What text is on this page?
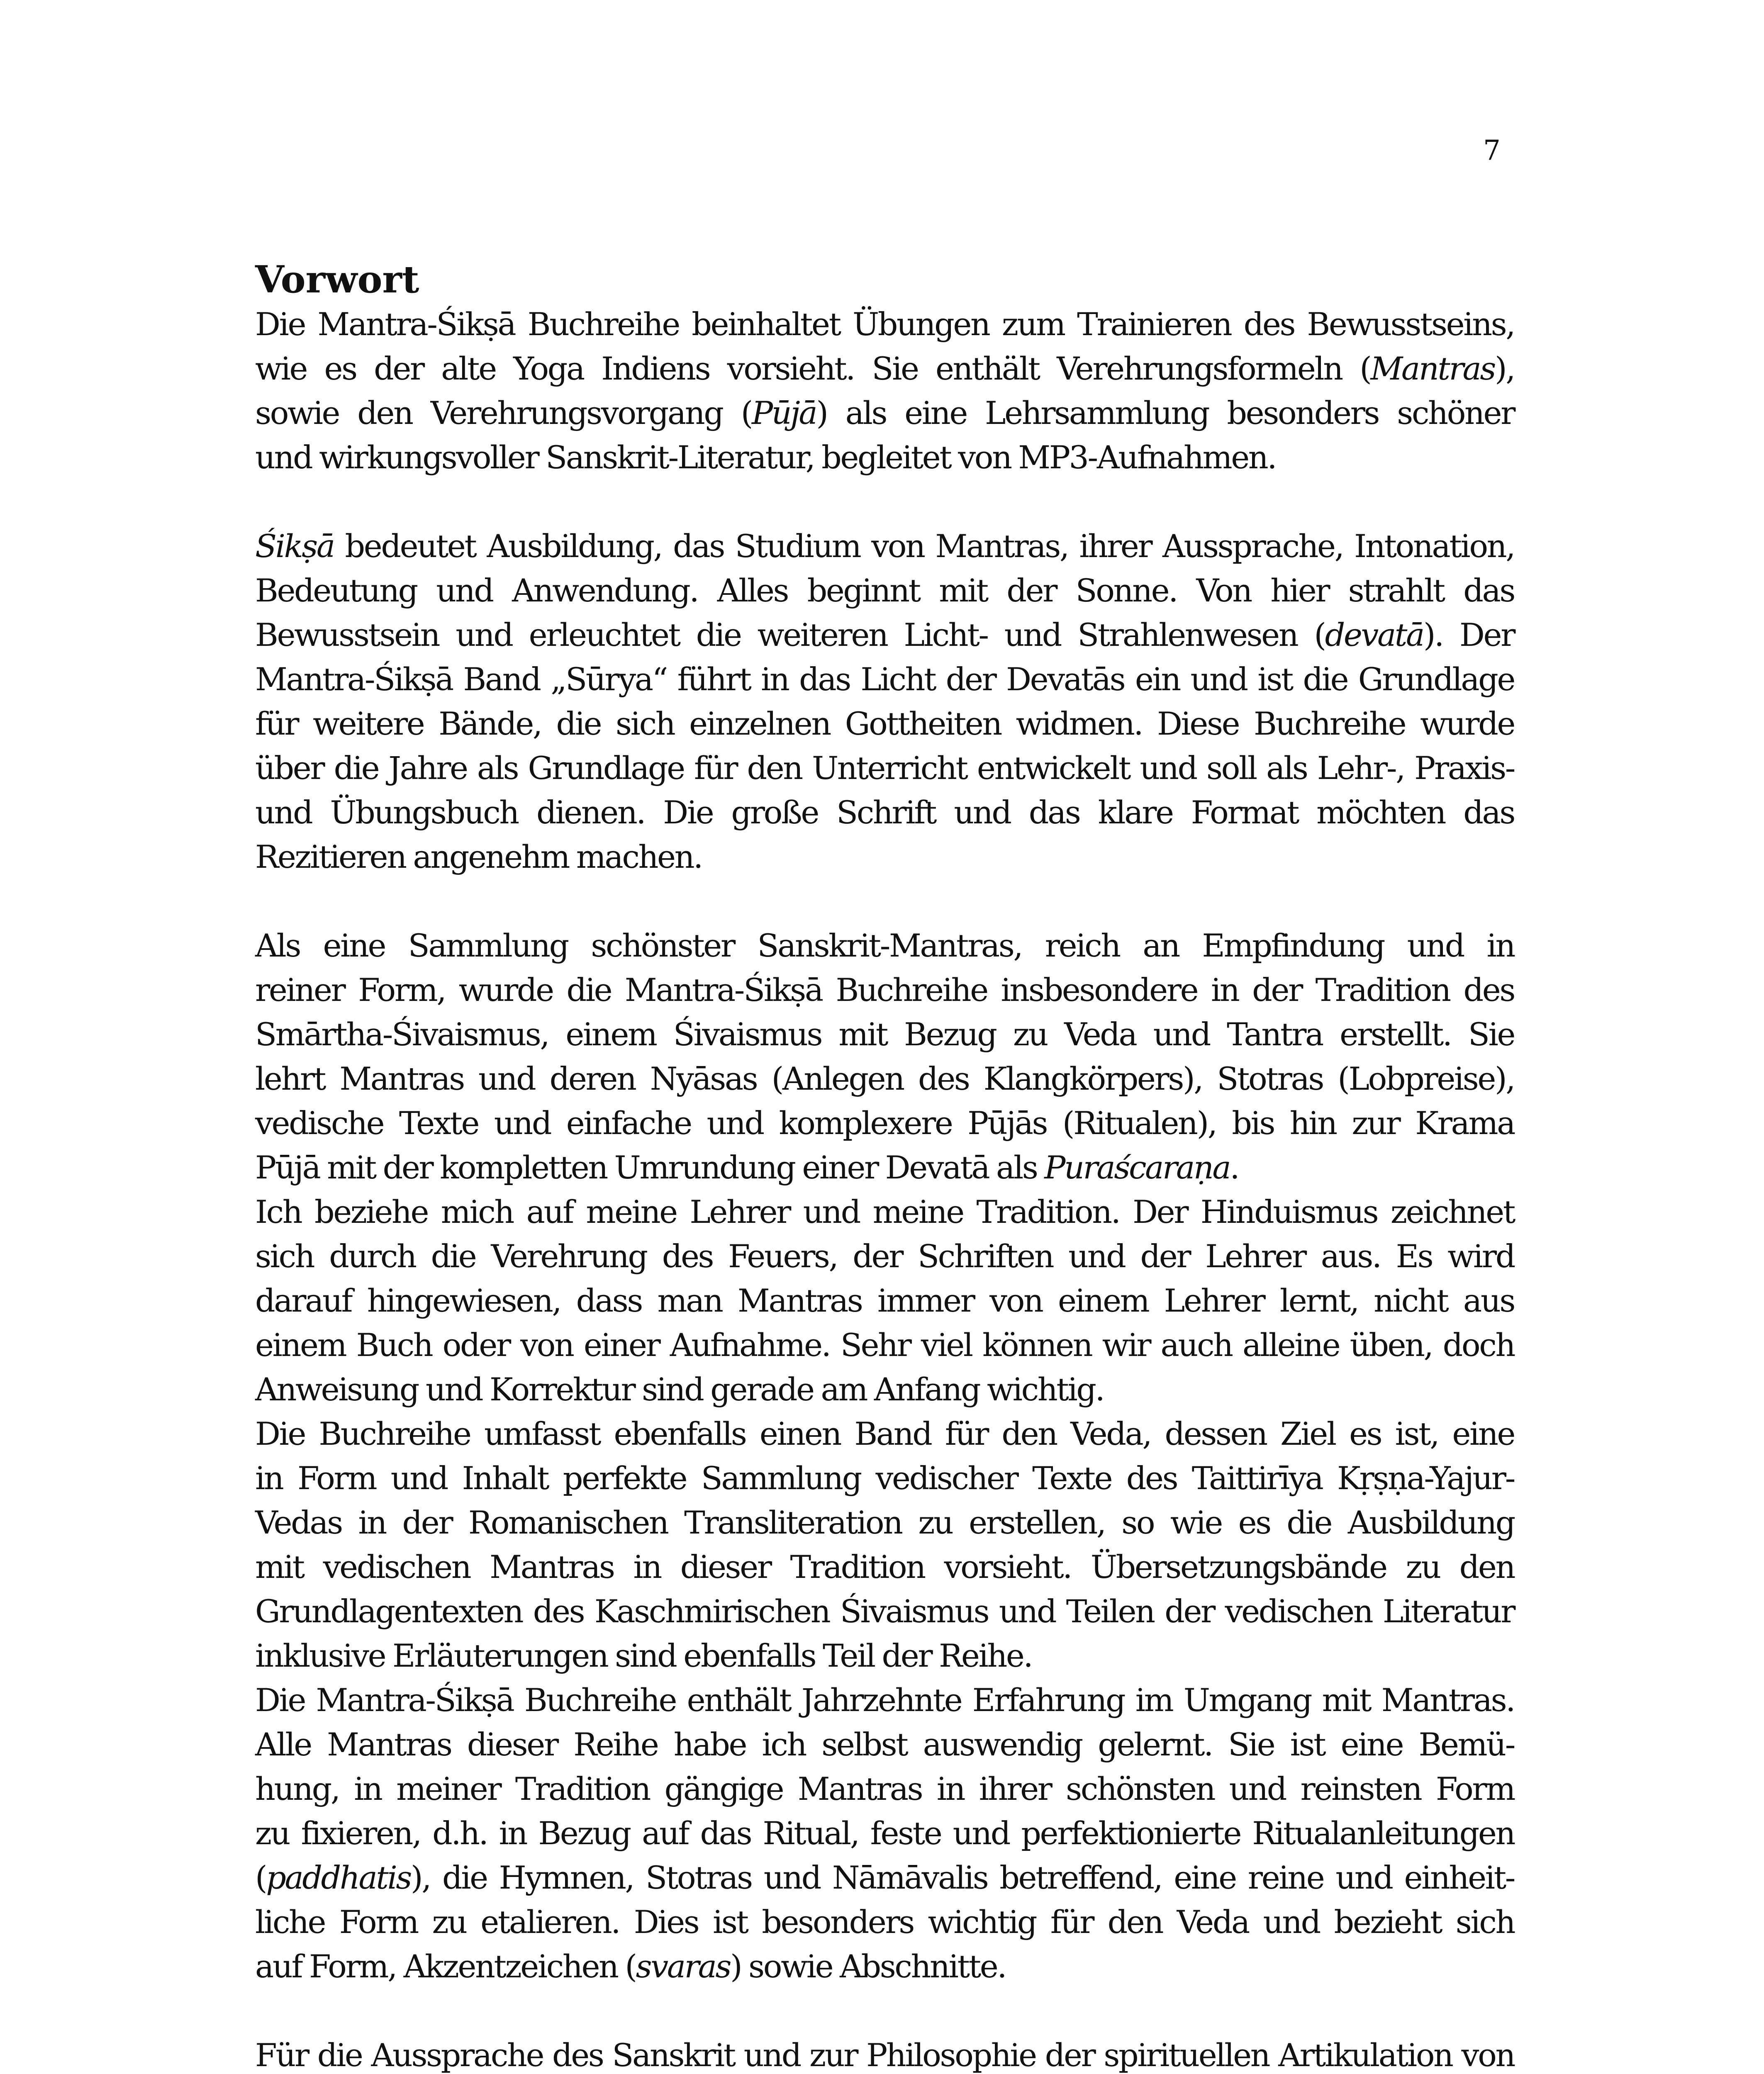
7

Vorwort
Die Mantra-Śikṣā Buchreihe beinhaltet Übungen zum Trainieren des Bewusstseins,
wie es der alte Yoga Indiens vorsieht. Sie enthält Verehrungsformeln (Mantras),
sowie den Verehrungsvorgang (Pūjā) als eine Lehrsammlung besonders schöner
und wirkungsvoller Sanskrit-Literatur, begleitet von MP3-Aufnahmen.
Śikṣā bedeutet Ausbildung, das Studium von Mantras, ihrer Aussprache, Intonation,
Bedeutung und Anwendung. Alles beginnt mit der Sonne. Von hier strahlt das
Bewusstsein und erleuchtet die weiteren Licht- und Strahlenwesen (devatā). Der
Mantra-Śikṣā Band „Sūrya“ führt in das Licht der Devatās ein und ist die Grundlage
für weitere Bände, die sich einzelnen Gottheiten widmen. Diese Buchreihe wurde
über die Jahre als Grundlage für den Unterricht entwickelt und soll als Lehr-, Praxis-
und Übungsbuch dienen. Die große Schrift und das klare Format möchten das
Rezitieren angenehm machen.
Als eine Sammlung schönster Sanskrit-Mantras, reich an Empfindung und in
reiner Form, wurde die Mantra-Śikṣā Buchreihe insbesondere in der Tradition des
Smārtha-Śivaismus, einem Śivaismus mit Bezug zu Veda und Tantra erstellt. Sie
lehrt Mantras und deren Nyāsas (Anlegen des Klangkörpers), Stotras (Lobpreise),
vedische Texte und einfache und komplexere Pūjās (Ritualen), bis hin zur Krama
Pūjā mit der kompletten Umrundung einer Devatā als Puraścaraṇa.
Ich beziehe mich auf meine Lehrer und meine Tradition. Der Hinduismus zeichnet
sich durch die Verehrung des Feuers, der Schriften und der Lehrer aus. Es wird
darauf hingewiesen, dass man Mantras immer von einem Lehrer lernt, nicht aus
einem Buch oder von einer Aufnahme. Sehr viel können wir auch alleine üben, doch
Anweisung und Korrektur sind gerade am Anfang wichtig.
Die Buchreihe umfasst ebenfalls einen Band für den Veda, dessen Ziel es ist, eine
in Form und Inhalt perfekte Sammlung vedischer Texte des Taittirīya Kṛṣṇa-Yajur-
Vedas in der Romanischen Transliteration zu erstellen, so wie es die Ausbildung
mit vedischen Mantras in dieser Tradition vorsieht. Übersetzungsbände zu den
Grundlagentexten des Kaschmirischen Śivaismus und Teilen der vedischen Literatur
inklusive Erläuterungen sind ebenfalls Teil der Reihe.
Die Mantra-Śikṣā Buchreihe enthält Jahrzehnte Erfahrung im Umgang mit Mantras.
Alle Mantras dieser Reihe habe ich selbst auswendig gelernt. Sie ist eine Bemü-
hung, in meiner Tradition gängige Mantras in ihrer schönsten und reinsten Form
zu fixieren, d.h. in Bezug auf das Ritual, feste und perfektionierte Ritualanleitungen
(paddhatis), die Hymnen, Stotras und Nāmāvalis betreffend, eine reine und einheit-
liche Form zu etalieren. Dies ist besonders wichtig für den Veda und bezieht sich
auf Form, Akzentzeichen (svaras) sowie Abschnitte.
Für die Aussprache des Sanskrit und zur Philosophie der spirituellen Artikulation von
